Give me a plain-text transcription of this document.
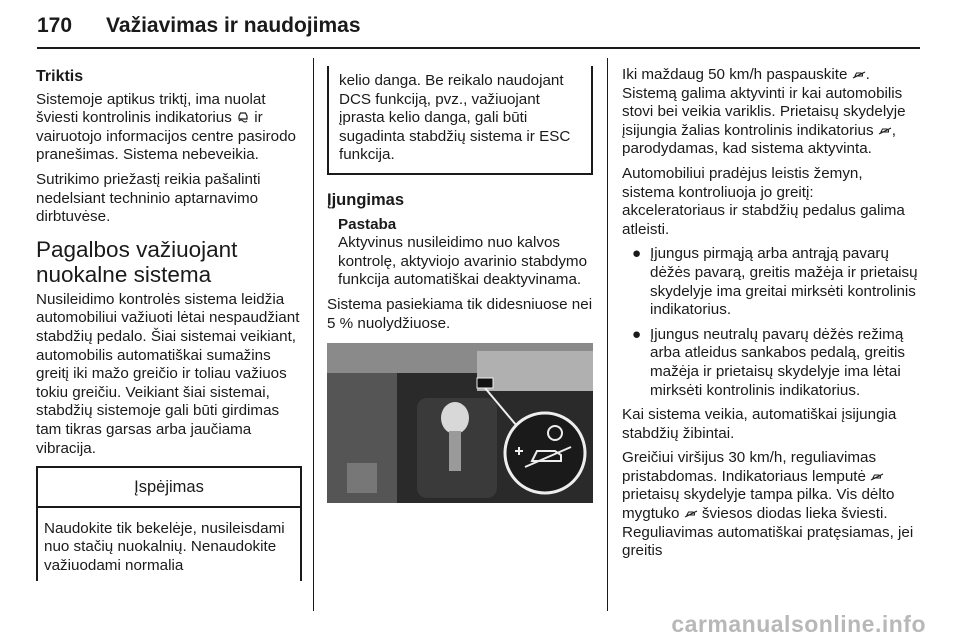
170 Važiavimas ir naudojimas
Triktis

Sistemoje aptikus triktį, ima nuolat šviesti kontrolinis indikatorius  ir vairuotojo informacijos centre pasirodo pranešimas. Sistema nebeveikia.

Sutrikimo priežastį reikia pašalinti nedelsiant techninio aptarnavimo dirbtuvėse.

Pagalbos važiuojant nuokalne sistema

Nusileidimo kontrolės sistema leidžia automobiliui važiuoti lėtai nespaudžiant stabdžių pedalo. Šiai sistemai veikiant, automobilis automatiškai sumažins greitį iki mažo greičio ir toliau važiuos tokiu greičiu. Veikiant šiai sistemai, stabdžių sistemoje gali būti girdimas tam tikras garsas arba jaučiama vibracija.

Įspėjimas
Naudokite tik bekelėje, nusileisdami nuo stačių nuokalnių. Nenaudokite važiuodami normalia
kelio danga. Be reikalo naudojant DCS funkciją, pvz., važiuojant įprasta kelio danga, gali būti sugadinta stabdžių sistema ir ESC funkcija.
Įjungimas
Pastaba
Aktyvinus nusileidimo nuo kalvos kontrolę, aktyviojo avarinio stabdymo funkcija automatiškai deaktyvinama.

Sistema pasiekiama tik didesniuose nei 5 % nuolydžiuose.

Iki maždaug 50 km/h paspauskite . Sistemą galima aktyvinti ir kai automobilis stovi bei veikia variklis. Prietaisų skydelyje įsijungia žalias kontrolinis indikatorius , parodydamas, kad sistema aktyvinta.

Automobiliui pradėjus leistis žemyn, sistema kontroliuoja jo greitį: akceleratoriaus ir stabdžių pedalus galima atleisti.

● Įjungus pirmąją arba antrąją pavarų dėžės pavarą, greitis mažėja ir prietaisų skydelyje ima greitai mirksėti kontrolinis indikatorius.
● Įjungus neutralų pavarų dėžės režimą arba atleidus sankabos pedalą, greitis mažėja ir prietaisų skydelyje ima lėtai mirksėti kontrolinis indikatorius.

Kai sistema veikia, automatiškai įsijungia stabdžių žibintai.

Greičiui viršijus 30 km/h, reguliavimas pristabdomas. Indikatoriaus lemputė  prietaisų skydelyje tampa pilka. Vis dėlto mygtuko  šviesos diodas lieka šviesti. Reguliavimas automatiškai pratęsiamas, jei greitis

carmanualsonline.info
